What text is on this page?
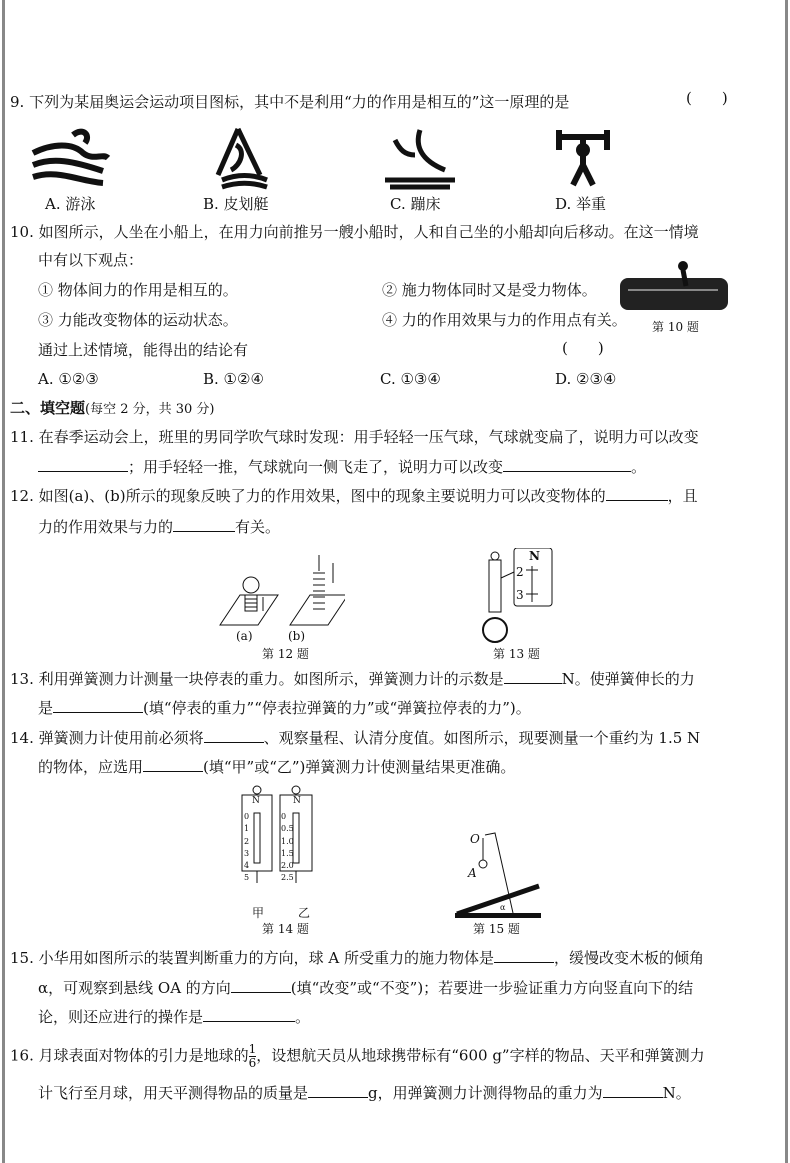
9. 下列为某届奥运会运动项目图标，其中不是利用“力的作用是相互的”这一原理的是	(　　)
A. 游泳	B. 皮划艇	C. 蹦床	D. 举重
10. 如图所示，人坐在小船上，在用力向前推另一艘小船时，人和自己坐的小船却向后移动。在这一情境
中有以下观点：
① 物体间力的作用是相互的。	② 施力物体同时又是受力物体。
③ 力能改变物体的运动状态。	④ 力的作用效果与力的作用点有关。 第 10 题
通过上述情境，能得出的结论有	(　　)
A. ①②③	B. ①②④	C. ①③④	D. ②③④
二、填空题(每空 2 分，共 30 分)
11. 在春季运动会上，班里的男同学吹气球时发现：用手轻轻一压气球，气球就变扁了，说明力可以改变
；用手轻轻一推，气球就向一侧飞走了，说明力可以改变	。
12. 如图(a)、(b)所示的现象反映了力的作用效果，图中的现象主要说明力可以改变物体的	，且
力的作用效果与力的	有关。
(a)	(b)
第 12 题
N
2
3
第 13 题
13. 利用弹簧测力计测量一块停表的重力。如图所示，弹簧测力计的示数是	N。使弹簧伸长的力
是	(填“停表的重力”“停表拉弹簧的力”或“弹簧拉停表的力”)。
14. 弹簧测力计使用前必须将	、观察量程、认清分度值。如图所示，现要测量一个重约为 1.5 N
的物体，应选用	(填“甲”或“乙”)弹簧测力计使测量结果更准确。
N	N
0
1
2
3
4
5
0
0.5
1.0
1.5
2.0
2.5
甲	乙
第 14 题
O
A
α
第 15 题
15. 小华用如图所示的装置判断重力的方向，球 A 所受重力的施力物体是	，缓慢改变木板的倾角
α，可观察到悬线 OA 的方向	(填“改变”或“不变”)；若要进一步验证重力方向竖直向下的结
论，则还应进行的操作是	。
16. 月球表面对物体的引力是地球的 $\frac{1}{6}$ ，设想航天员从地球携带标有“600 g”字样的物品、天平和弹簧测力
计飞行至月球，用天平测得物品的质量是	g，用弹簧测力计测得物品的重力为	N。
